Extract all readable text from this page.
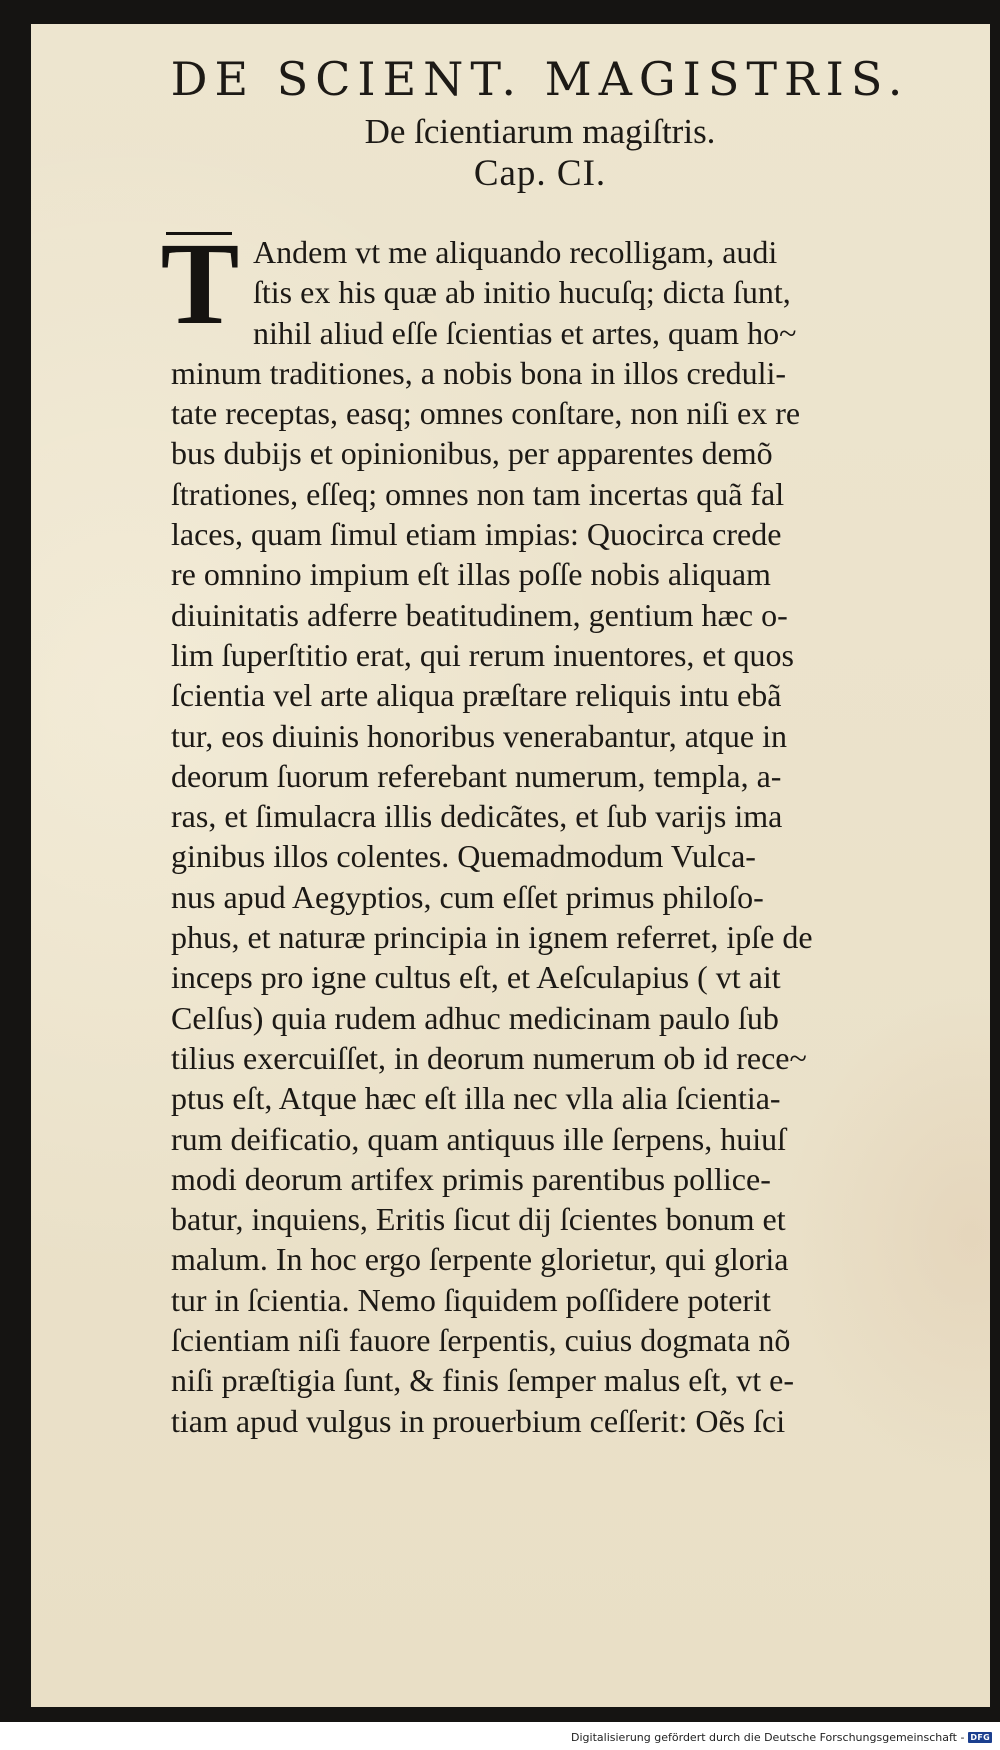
DE SCIENT. MAGISTRIS.
De ſcientiarum magiſtris.
Cap. CI.
T Andem vt me aliquando recolligam, audi
ſtis ex his quæ ab initio hucuſq; dicta ſunt,
nihil aliud eſſe ſcientias et artes, quam ho~
minum traditiones, a nobis bona in illos creduli-
tate receptas, easq; omnes conſtare, non niſi ex re
bus dubijs et opinionibus, per apparentes demõ
ſtrationes, eſſeq; omnes non tam incertas quã fal
laces, quam ſimul etiam impias: Quocirca crede
re omnino impium eſt illas poſſe nobis aliquam
diuinitatis adferre beatitudinem, gentium hæc o-
lim ſuperſtitio erat, qui rerum inuentores, et quos
ſcientia vel arte aliqua præſtare reliquis intu ebã
tur, eos diuinis honoribus venerabantur, atque in
deorum ſuorum referebant numerum, templa, a-
ras, et ſimulacra illis dedicãtes, et ſub varijs ima
ginibus illos colentes. Quemadmodum Vulca-
nus apud Aegyptios, cum eſſet primus philoſo-
phus, et naturæ principia in ignem referret, ipſe de
inceps pro igne cultus eſt, et Aeſculapius ( vt ait
Celſus) quia rudem adhuc medicinam paulo ſub
tilius exercuiſſet, in deorum numerum ob id rece~
ptus eſt, Atque hæc eſt illa nec vlla alia ſcientia-
rum deificatio, quam antiquus ille ſerpens, huiuſ
modi deorum artifex primis parentibus pollice-
batur, inquiens, Eritis ſicut dij ſcientes bonum et
malum. In hoc ergo ſerpente glorietur, qui gloria
tur in ſcientia. Nemo ſiquidem poſſidere poterit
ſcientiam niſi fauore ſerpentis, cuius dogmata nõ
niſi præſtigia ſunt, & finis ſemper malus eſt, vt e-
tiam apud vulgus in prouerbium ceſſerit: Oẽs ſci
Digitalisierung gefördert durch die Deutsche Forschungsgemeinschaft - DFG
